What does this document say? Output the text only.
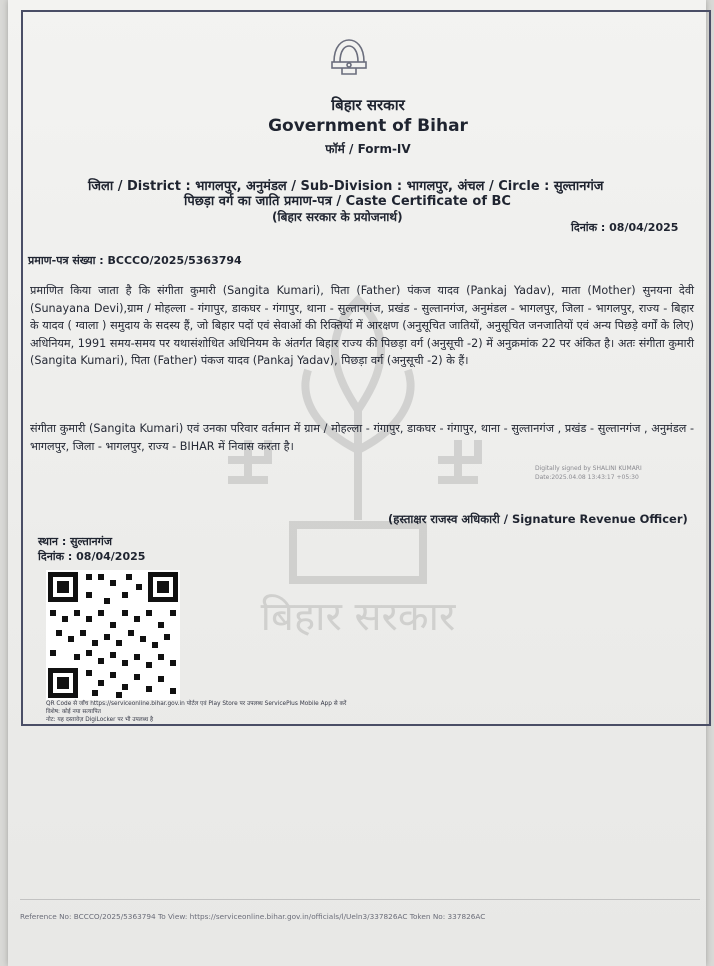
बिहार सरकार
बिहार सरकार
Government of Bihar
फॉर्म / Form-IV
जिला / District : भागलपुर, अनुमंडल / Sub-Division : भागलपुर, अंचल / Circle : सुल्तानगंज
पिछड़ा वर्ग का जाति प्रमाण-पत्र / Caste Certificate of BC
(बिहार सरकार के प्रयोजनार्थ)
दिनांक : 08/04/2025
प्रमाण-पत्र संख्या : BCCCO/2025/5363794
प्रमाणित किया जाता है कि संगीता कुमारी (Sangita Kumari), पिता (Father) पंकज यादव (Pankaj Yadav), माता (Mother) सुनयना देवी (Sunayana Devi),ग्राम / मोहल्ला - गंगापुर, डाकघर - गंगापुर, थाना - सुल्तानगंज, प्रखंड - सुल्तानगंज, अनुमंडल - भागलपुर, जिला - भागलपुर, राज्य - बिहार के यादव ( ग्वाला ) समुदाय के सदस्य हैं, जो बिहार पदों एवं सेवाओं की रिक्तियों में आरक्षण (अनुसूचित जातियों, अनुसूचित जनजातियों एवं अन्य पिछड़े वर्गों के लिए) अधिनियम, 1991 समय-समय पर यथासंशोधित अधिनियम के अंतर्गत बिहार राज्य की पिछड़ा वर्ग (अनुसूची -2) में अनुक्रमांक 22 पर अंकित है। अतः संगीता कुमारी (Sangita Kumari), पिता (Father) पंकज यादव (Pankaj Yadav), पिछड़ा वर्ग (अनुसूची -2) के हैं।
संगीता कुमारी (Sangita Kumari) एवं उनका परिवार वर्तमान में ग्राम / मोहल्ला - गंगापुर, डाकघर - गंगापुर, थाना - सुल्तानगंज , प्रखंड - सुल्तानगंज , अनुमंडल - भागलपुर, जिला - भागलपुर, राज्य - BIHAR में निवास करता है।
Digitally signed by SHALINI KUMARI
Date:2025.04.08 13:43:17 +05:30
(हस्ताक्षर राजस्व अधिकारी / Signature Revenue Officer)
स्थान : सुल्तानगंज
दिनांक : 08/04/2025
QR Code से जाँच https://serviceonline.bihar.gov.in पोर्टल एवं Play Store पर उपलब्ध ServicePlus Mobile App से करें
विशेष: कोई नया सत्यापित
नोट: यह दस्तावेज़ DigiLocker पर भी उपलब्ध है
Reference No: BCCCO/2025/5363794 To View: https://serviceonline.bihar.gov.in/officials/l/Ueln3/337826AC Token No: 337826AC
